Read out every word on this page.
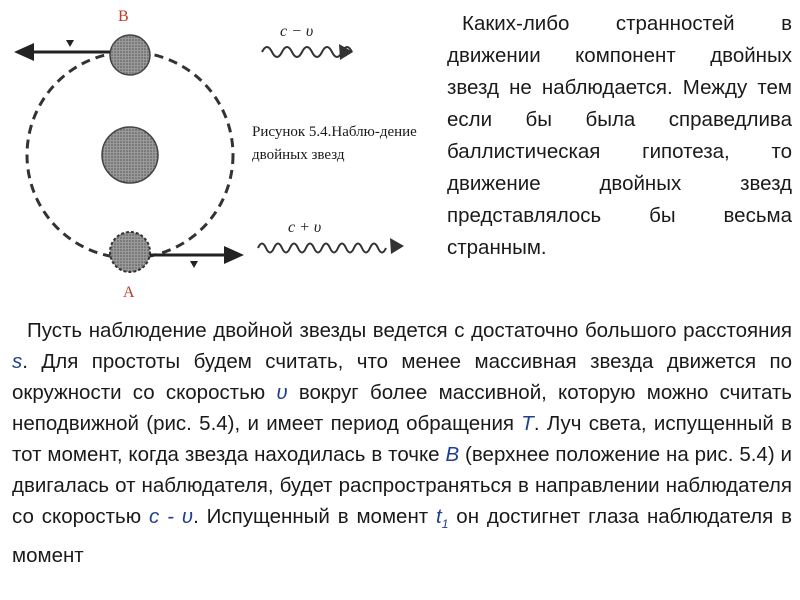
c − υ
c + υ
B
A
Рисунок 5.4.Наблю-дение двойных звезд

Каких-либо странностей в движении компонент двойных звезд не наблюдается. Между тем если бы была справедлива баллистическая гипотеза, то движение двойных звезд представлялось бы весьма странным.

Пусть наблюдение двойной звезды ведется с достаточно большого расстояния s. Для простоты будем считать, что менее массивная звезда движется по окружности со скоростью υ вокруг более массивной, которую можно считать неподвижной (рис. 5.4), и имеет период обращения T. Луч света, испущенный в тот момент, когда звезда находилась в точке B (верхнее положение на рис. 5.4) и двигалась от наблюдателя, будет распространяться в направлении наблюдателя со скоростью c - υ. Испущенный в момент $t_1$ он достигнет глаза наблюдателя в момент
